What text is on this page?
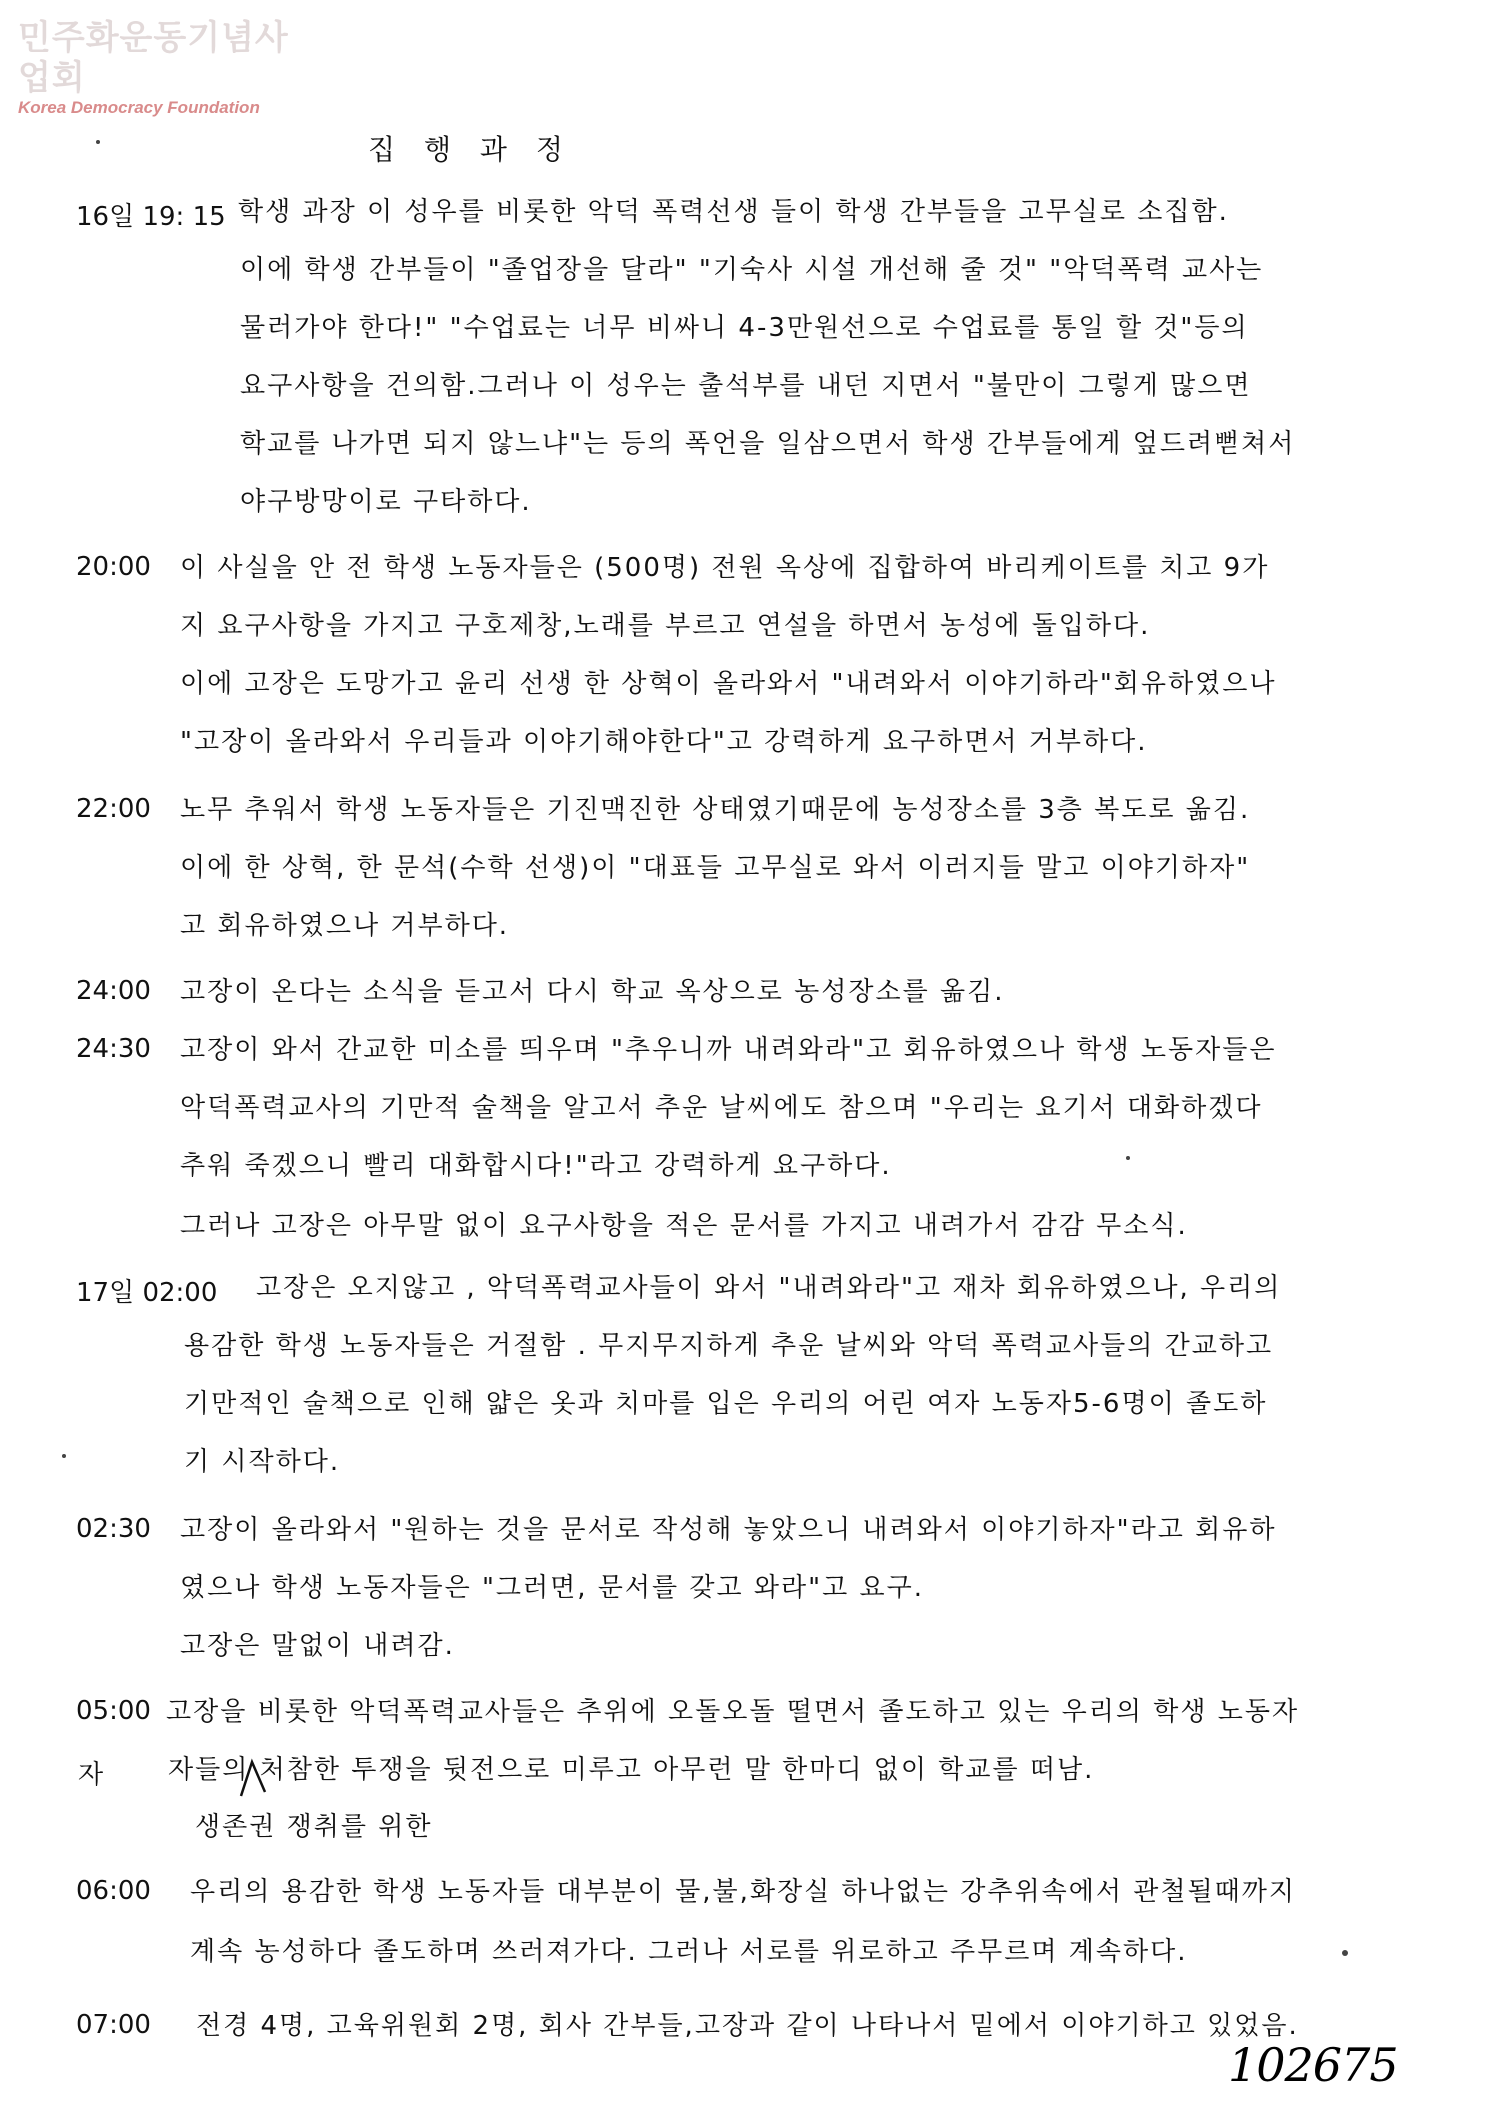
민주화운동기념사업회
Korea Democracy Foundation
집 행 과 정
16일 19: 15 학생 과장 이 성우를 비롯한 악덕 폭력선생 들이 학생 간부들을 고무실로 소집함.
이에 학생 간부들이 "졸업장을 달라" "기숙사 시설 개선해 줄 것" "악덕폭력 교사는
물러가야 한다!" "수업료는 너무 비싸니 4-3만원선으로 수업료를 통일 할 것"등의
요구사항을 건의함.그러나 이 성우는 출석부를 내던 지면서 "불만이 그렇게 많으면
학교를 나가면 되지 않느냐"는 등의 폭언을 일삼으면서 학생 간부들에게 엎드려뻗쳐서
야구방망이로 구타하다.
20:00 이 사실을 안 전 학생 노동자들은 (500명) 전원 옥상에 집합하여 바리케이트를 치고 9가
지 요구사항을 가지고 구호제창,노래를 부르고 연설을 하면서 농성에 돌입하다.
이에 고장은 도망가고 윤리 선생 한 상혁이 올라와서 "내려와서 이야기하라"회유하였으나
"고장이 올라와서 우리들과 이야기해야한다"고 강력하게 요구하면서 거부하다.
22:00 노무 추워서 학생 노동자들은 기진맥진한 상태였기때문에 농성장소를 3층 복도로 옮김.
이에 한 상혁, 한 문석(수학 선생)이 "대표들 고무실로 와서 이러지들 말고 이야기하자"
고 회유하였으나 거부하다.
24:00 고장이 온다는 소식을 듣고서 다시 학교 옥상으로 농성장소를 옮김.
24:30 고장이 와서 간교한 미소를 띄우며 "추우니까 내려와라"고 회유하였으나 학생 노동자들은
악덕폭력교사의 기만적 술책을 알고서 추운 날씨에도 참으며 "우리는 요기서 대화하겠다
추워 죽겠으니 빨리 대화합시다!"라고 강력하게 요구하다.
그러나 고장은 아무말 없이 요구사항을 적은 문서를 가지고 내려가서 감감 무소식.
17일 02:00 고장은 오지않고 , 악덕폭력교사들이 와서 "내려와라"고 재차 회유하였으나, 우리의
용감한 학생 노동자들은 거절함 . 무지무지하게 추운 날씨와 악덕 폭력교사들의 간교하고
기만적인 술책으로 인해 얇은 옷과 치마를 입은 우리의 어린 여자 노동자5-6명이 졸도하
기 시작하다.
02:30 고장이 올라와서 "원하는 것을 문서로 작성해 놓았으니 내려와서 이야기하자"라고 회유하
였으나 학생 노동자들은 "그러면, 문서를 갖고 와라"고 요구.
고장은 말없이 내려감.
05:00 고장을 비롯한 악덕폭력교사들은 추위에 오돌오돌 떨면서 졸도하고 있는 우리의 학생 노동자
자들의 처참한 투쟁을 뒷전으로 미루고 아무런 말 한마디 없이 학교를 떠남.
자
생존권 쟁취를 위한
06:00 우리의 용감한 학생 노동자들 대부분이 물,불,화장실 하나없는 강추위속에서 관철될때까지
계속 농성하다 졸도하며 쓰러져가다. 그러나 서로를 위로하고 주무르며 계속하다.
07:00 전경 4명, 고육위원회 2명, 회사 간부들,고장과 같이 나타나서 밑에서 이야기하고 있었음.
102675
